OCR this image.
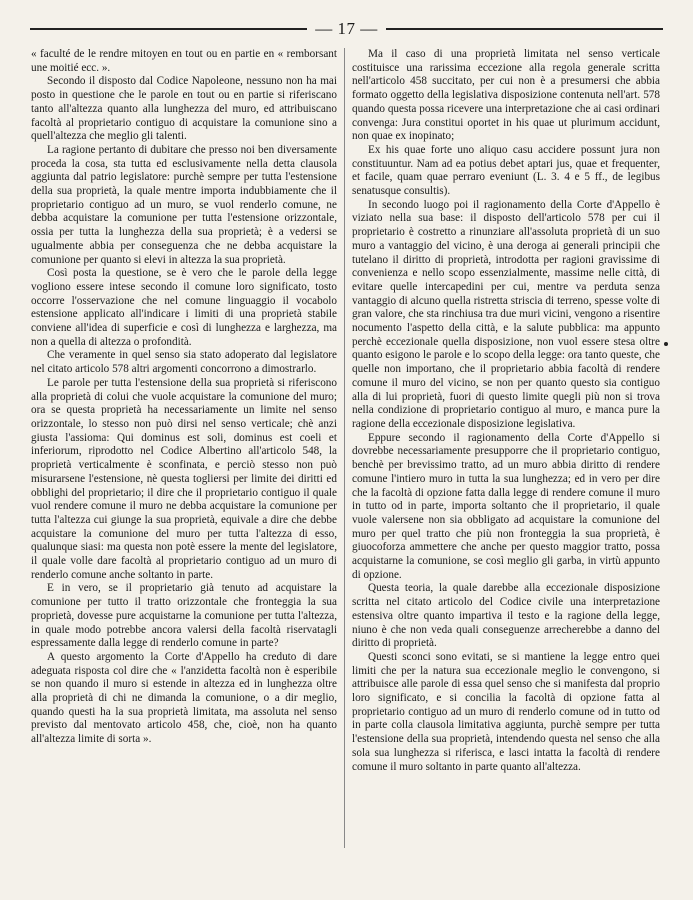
— 17 —

« faculté de le rendre mitoyen en tout ou en partie en « remborsant une moitié ecc. ».

Secondo il disposto dal Codice Napoleone, nessuno non ha mai posto in questione che le parole en tout ou en partie si riferiscano tanto all'altezza quanto alla lunghezza del muro, ed attribuiscano facoltà al proprietario contiguo di acquistare la comunione sino a quell'altezza che meglio gli talenti.

La ragione pertanto di dubitare che presso noi ben diversamente proceda la cosa, sta tutta ed esclusivamente nella detta clausola aggiunta dal patrio legislatore: purchè sempre per tutta l'estensione della sua proprietà, la quale mentre importa indubbiamente che il proprietario contiguo ad un muro, se vuol renderlo comune, ne debba acquistare la comunione per tutta l'estensione orizzontale, ossia per tutta la lunghezza della sua proprietà; è a vedersi se ugualmente abbia per conseguenza che ne debba acquistare la comunione per quanto si elevi in altezza la sua proprietà.

Così posta la questione, se è vero che le parole della legge vogliono essere intese secondo il comune loro significato, tosto occorre l'osservazione che nel comune linguaggio il vocabolo estensione applicato all'indicare i limiti di una proprietà stabile conviene all'idea di superficie e così di lunghezza e larghezza, ma non a quella di altezza o profondità.

Che veramente in quel senso sia stato adoperato dal legislatore nel citato articolo 578 altri argomenti concorrono a dimostrarlo.

Le parole per tutta l'estensione della sua proprietà si riferiscono alla proprietà di colui che vuole acquistare la comunione del muro; ora se questa proprietà ha necessariamente un limite nel senso orizzontale, lo stesso non può dirsi nel senso verticale; chè anzi giusta l'assioma: Qui dominus est soli, dominus est coeli et inferiorum, riprodotto nel Codice Albertino all'articolo 548, la proprietà verticalmente è sconfinata, e perciò stesso non può misurarsene l'estensione, nè questa togliersi per limite dei diritti ed obblighi del proprietario; il dire che il proprietario contiguo il quale vuol rendere comune il muro ne debba acquistare la comunione per tutta l'altezza cui giunge la sua proprietà, equivale a dire che debbe acquistare la comunione del muro per tutta l'altezza di esso, qualunque siasi: ma questa non potè essere la mente del legislatore, il quale volle dare facoltà al proprietario contiguo ad un muro di renderlo comune anche soltanto in parte.

E in vero, se il proprietario già tenuto ad acquistare la comunione per tutto il tratto orizzontale che fronteggia la sua proprietà, dovesse pure acquistarne la comunione per tutta l'altezza, in quale modo potrebbe ancora valersi della facoltà riservatagli espressamente dalla legge di renderlo comune in parte?

A questo argomento la Corte d'Appello ha creduto di dare adeguata risposta col dire che « l'anzidetta facoltà non è esperibile se non quando il muro si estende in altezza ed in lunghezza oltre alla proprietà di chi ne dimanda la comunione, o a dir meglio, quando questi ha la sua proprietà limitata, ma assoluta nel senso previsto dal mentovato articolo 458, che, cioè, non ha quanto all'altezza limite di sorta ».

Ma il caso di una proprietà limitata nel senso verticale costituisce una rarissima eccezione alla regola generale scritta nell'articolo 458 succitato, per cui non è a presumersi che abbia formato oggetto della legislativa disposizione contenuta nell'art. 578 quando questa possa ricevere una interpretazione che ai casi ordinari convenga: Jura constitui oportet in his quae ut plurimum accidunt, non quae ex inopinato;

Ex his quae forte uno aliquo casu accidere possunt jura non constituuntur. Nam ad ea potius debet aptari jus, quae et frequenter, et facile, quam quae perraro eveniunt (L. 3. 4 e 5 ff., de legibus senatusque consultis).

In secondo luogo poi il ragionamento della Corte d'Appello è viziato nella sua base: il disposto dell'articolo 578 per cui il proprietario è costretto a rinunziare all'assoluta proprietà di un suo muro a vantaggio del vicino, è una deroga ai generali principii che tutelano il diritto di proprietà, introdotta per ragioni gravissime di convenienza e nello scopo essenzialmente, massime nelle città, di evitare quelle intercapedini per cui, mentre va perduta senza vantaggio di alcuno quella ristretta striscia di terreno, spesse volte di gran valore, che sta rinchiusa tra due muri vicini, vengono a risentire nocumento l'aspetto della città, e la salute pubblica: ma appunto perchè eccezionale quella disposizione, non vuol essere stesa oltre quanto esigono le parole e lo scopo della legge: ora tanto queste, che quelle non importano, che il proprietario abbia facoltà di rendere comune il muro del vicino, se non per quanto questo sia contiguo alla di lui proprietà, fuori di questo limite quegli più non si trova nella condizione di proprietario contiguo al muro, e manca pure la ragione della eccezionale disposizione legislativa.

Eppure secondo il ragionamento della Corte d'Appello si dovrebbe necessariamente presupporre che il proprietario contiguo, benchè per brevissimo tratto, ad un muro abbia diritto di rendere comune l'intiero muro in tutta la sua lunghezza; ed in vero per dire che la facoltà di opzione fatta dalla legge di rendere comune il muro in tutto od in parte, importa soltanto che il proprietario, il quale vuole valersene non sia obbligato ad acquistare la comunione del muro per quel tratto che più non fronteggia la sua proprietà, è giuocoforza ammettere che anche per questo maggior tratto, possa acquistarne la comunione, se così meglio gli garba, in virtù appunto di opzione.

Questa teoria, la quale darebbe alla eccezionale disposizione scritta nel citato articolo del Codice civile una interpretazione estensiva oltre quanto impartiva il testo e la ragione della legge, niuno è che non veda quali conseguenze arrecherebbe a danno del diritto di proprietà.

Questi sconci sono evitati, se si mantiene la legge entro quei limiti che per la natura sua eccezionale meglio le convengono, si attribuisce alle parole di essa quel senso che si manifesta dal proprio loro significato, e si concilia la facoltà di opzione fatta al proprietario contiguo ad un muro di renderlo comune od in tutto od in parte colla clausola limitativa aggiunta, purchè sempre per tutta l'estensione della sua proprietà, intendendo questa nel senso che alla sola sua lunghezza si riferisca, e lasci intatta la facoltà di rendere comune il muro soltanto in parte quanto all'altezza.
